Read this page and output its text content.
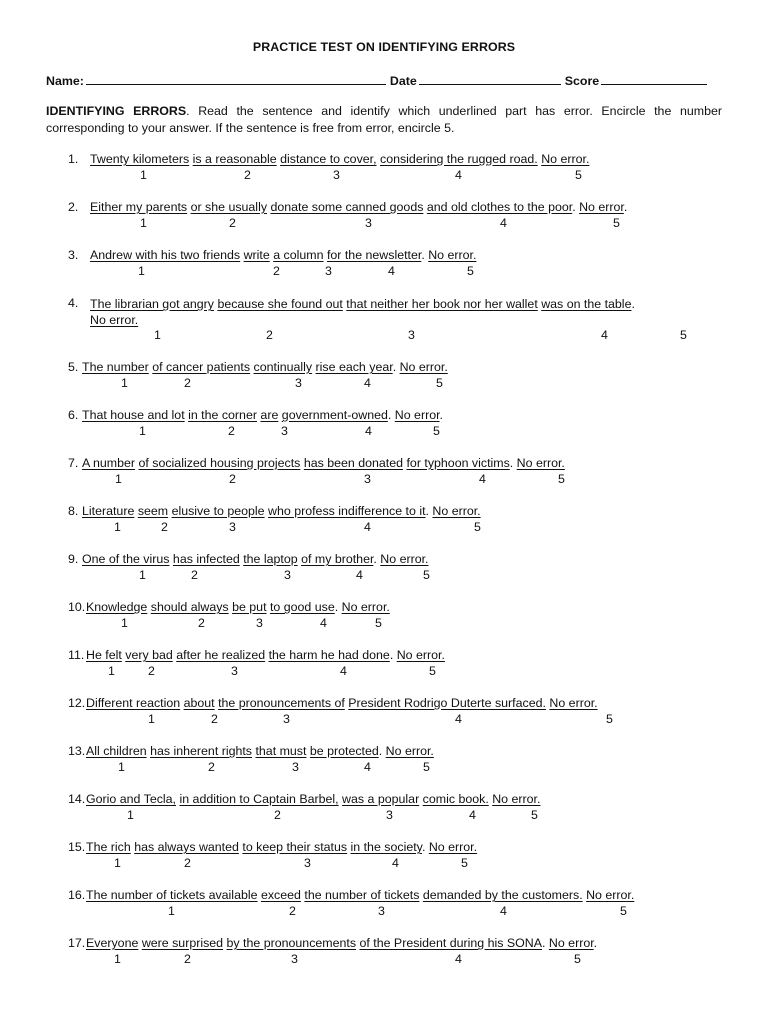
PRACTICE TEST ON IDENTIFYING ERRORS
Name:	Date	Score
IDENTIFYING ERRORS. Read the sentence and identify which underlined part has error. Encircle the number corresponding to your answer. If the sentence is free from error, encircle 5.
1. Twenty kilometers is a reasonable distance to cover, considering the rugged road. No error.
1	2	3	4	5
2. Either my parents or she usually donate some canned goods and old clothes to the poor. No error.
1	2	3	4	5
3. Andrew with his two friends write a column for the newsletter. No error.
1	2	3	4	5
4. The librarian got angry because she found out that neither her book nor her wallet was on the table.
No error.
1	2	3	4	5
5. The number of cancer patients continually rise each year. No error.
1	2	3	4	5
6. That house and lot in the corner are government-owned. No error.
1	2	3	4	5
7. A number of socialized housing projects has been donated for typhoon victims. No error.
1	2	3	4	5
8. Literature seem elusive to people who profess indifference to it. No error.
1	2	3	4	5
9. One of the virus has infected the laptop of my brother. No error.
1	2	3	4	5
10. Knowledge should always be put to good use. No error.
1	2	3	4	5
11. He felt very bad after he realized the harm he had done. No error.
1	2	3	4	5
12. Different reaction about the pronouncements of President Rodrigo Duterte surfaced. No error.
1	2	3	4	5
13. All children has inherent rights that must be protected. No error.
1	2	3	4	5
14. Gorio and Tecla, in addition to Captain Barbel, was a popular comic book. No error.
1	2	3	4	5
15. The rich has always wanted to keep their status in the society. No error.
1	2	3	4	5
16. The number of tickets available exceed the number of tickets demanded by the customers. No error.
1	2	3	4	5
17. Everyone were surprised by the pronouncements of the President during his SONA. No error.
1	2	3	4	5
